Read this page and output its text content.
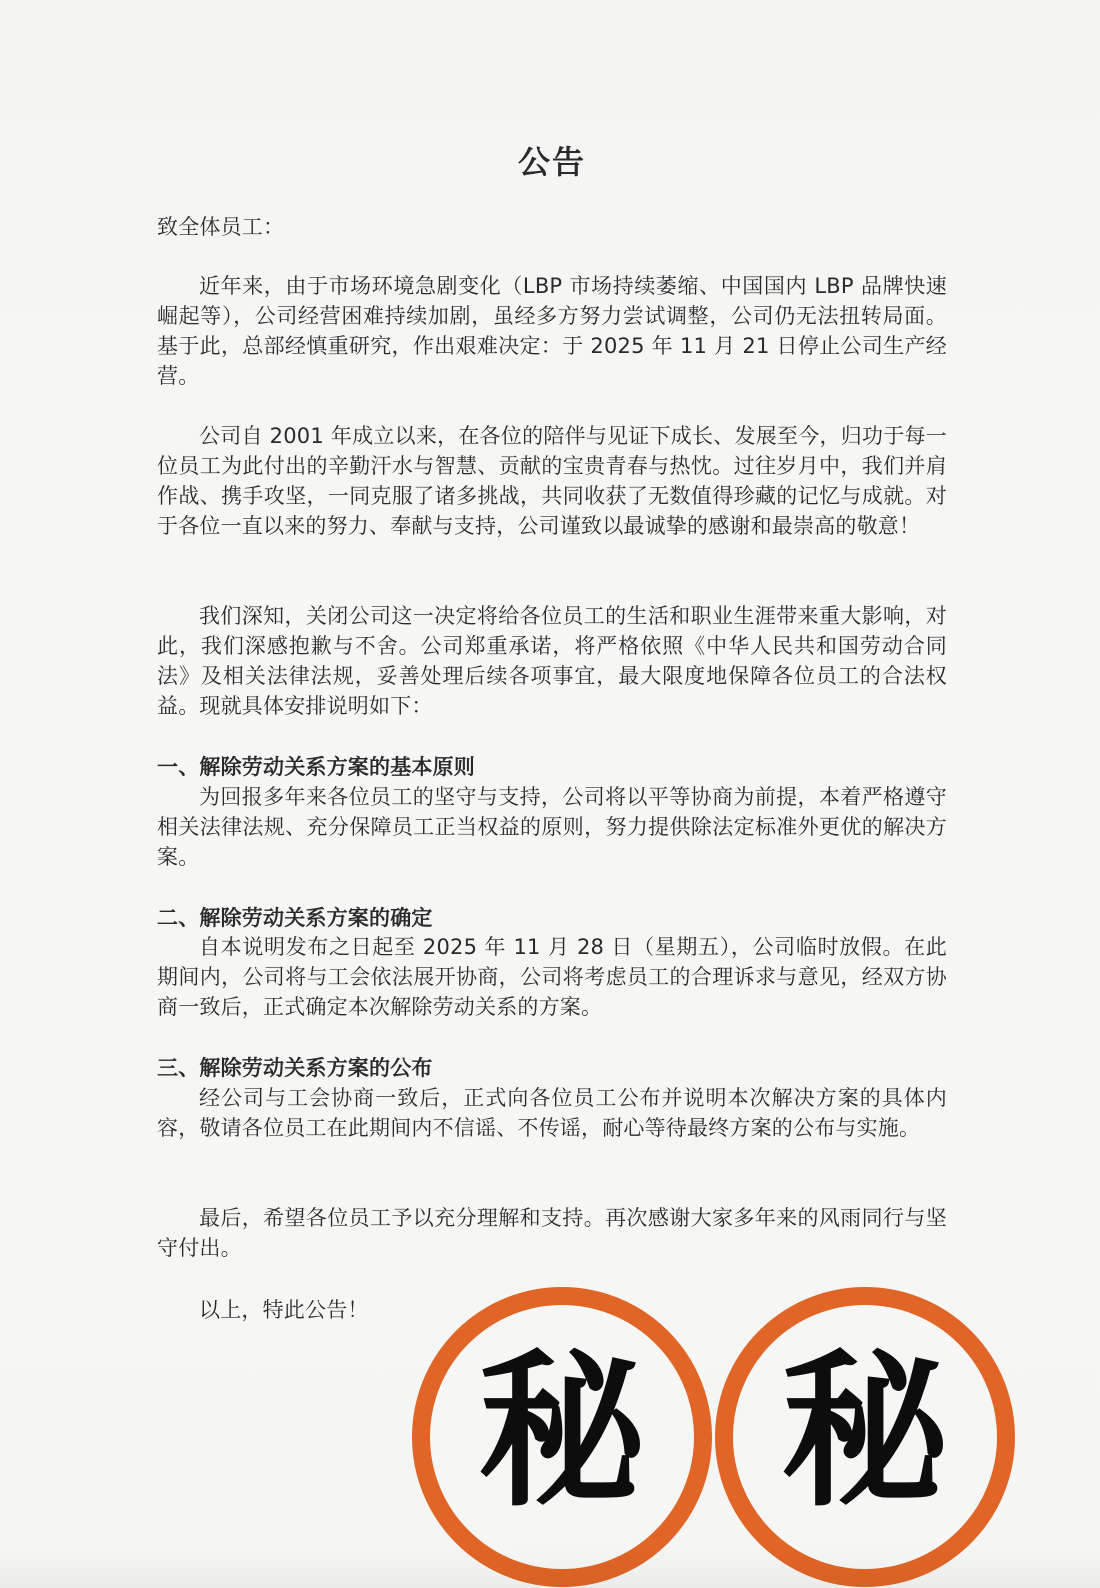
公告
致全体员工：

近年来，由于市场环境急剧变化（LBP 市场持续萎缩、中国国内 LBP 品牌快速崛起等），公司经营困难持续加剧，虽经多方努力尝试调整，公司仍无法扭转局面。基于此，总部经慎重研究，作出艰难决定：于 2025 年 11 月 21 日停止公司生产经营。

公司自 2001 年成立以来，在各位的陪伴与见证下成长、发展至今，归功于每一位员工为此付出的辛勤汗水与智慧、贡献的宝贵青春与热忱。过往岁月中，我们并肩作战、携手攻坚，一同克服了诸多挑战，共同收获了无数值得珍藏的记忆与成就。对于各位一直以来的努力、奉献与支持，公司谨致以最诚挚的感谢和最崇高的敬意！

我们深知，关闭公司这一决定将给各位员工的生活和职业生涯带来重大影响，对此，我们深感抱歉与不舍。公司郑重承诺，将严格依照《中华人民共和国劳动合同法》及相关法律法规，妥善处理后续各项事宜，最大限度地保障各位员工的合法权益。现就具体安排说明如下：

一、解除劳动关系方案的基本原则

为回报多年来各位员工的坚守与支持，公司将以平等协商为前提，本着严格遵守相关法律法规、充分保障员工正当权益的原则，努力提供除法定标准外更优的解决方案。

二、解除劳动关系方案的确定

自本说明发布之日起至 2025 年 11 月 28 日（星期五），公司临时放假。在此期间内，公司将与工会依法展开协商，公司将考虑员工的合理诉求与意见，经双方协商一致后，正式确定本次解除劳动关系的方案。

三、解除劳动关系方案的公布

经公司与工会协商一致后，正式向各位员工公布并说明本次解决方案的具体内容，敬请各位员工在此期间内不信谣、不传谣，耐心等待最终方案的公布与实施。

最后，希望各位员工予以充分理解和支持。再次感谢大家多年来的风雨同行与坚守付出。

以上，特此公告！

秘 秘
